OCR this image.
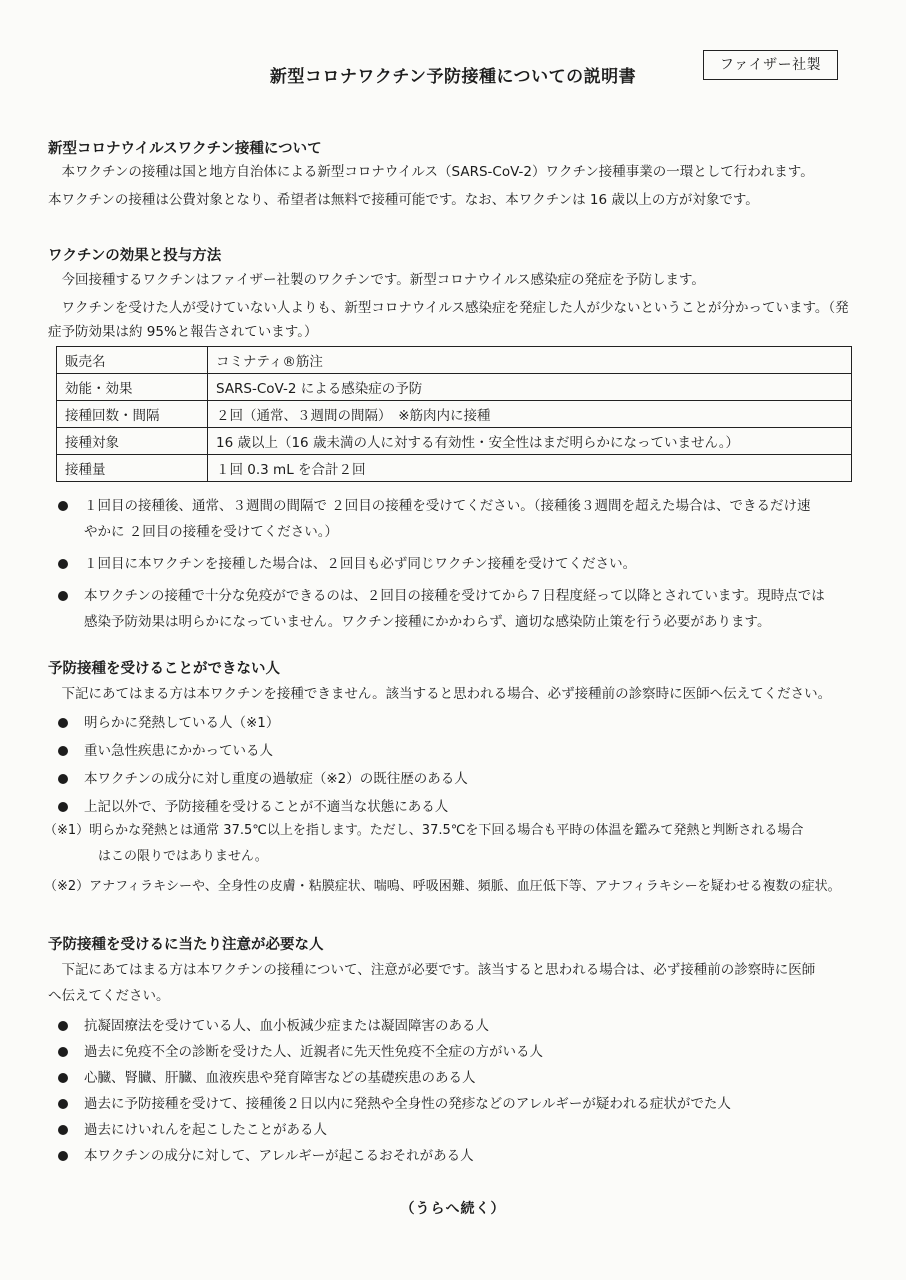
ファイザー社製
新型コロナワクチン予防接種についての説明書
新型コロナウイルスワクチン接種について
本ワクチンの接種は国と地方自治体による新型コロナウイルス（SARS-CoV-2）ワクチン接種事業の一環として行われます。
本ワクチンの接種は公費対象となり、希望者は無料で接種可能です。なお、本ワクチンは 16 歳以上の方が対象です。
ワクチンの効果と投与方法
今回接種するワクチンはファイザー社製のワクチンです。新型コロナウイルス感染症の発症を予防します。
ワクチンを受けた人が受けていない人よりも、新型コロナウイルス感染症を発症した人が少ないということが分かっています。（発
症予防効果は約 95%と報告されています。）
販売名	コミナティ®筋注
効能・効果	SARS-CoV-2 による感染症の予防
接種回数・間隔	２回（通常、３週間の間隔）　※筋肉内に接種
接種対象	16 歳以上（16 歳未満の人に対する有効性・安全性はまだ明らかになっていません。）
接種量	１回 0.3 mL を合計２回
１回目の接種後、通常、３週間の間隔で ２回目の接種を受けてください。（接種後３週間を超えた場合は、できるだけ速
やかに ２回目の接種を受けてください。）
１回目に本ワクチンを接種した場合は、２回目も必ず同じワクチン接種を受けてください。
本ワクチンの接種で十分な免疫ができるのは、２回目の接種を受けてから７日程度経って以降とされています。現時点では
感染予防効果は明らかになっていません。ワクチン接種にかかわらず、適切な感染防止策を行う必要があります。
予防接種を受けることができない人
下記にあてはまる方は本ワクチンを接種できません。該当すると思われる場合、必ず接種前の診察時に医師へ伝えてください。
明らかに発熱している人（※1）
重い急性疾患にかかっている人
本ワクチンの成分に対し重度の過敏症（※2）の既往歴のある人
上記以外で、予防接種を受けることが不適当な状態にある人
（※1）明らかな発熱とは通常 37.5℃以上を指します。ただし、37.5℃を下回る場合も平時の体温を鑑みて発熱と判断される場合
はこの限りではありません。
（※2）アナフィラキシーや、全身性の皮膚・粘膜症状、喘鳴、呼吸困難、頻脈、血圧低下等、アナフィラキシーを疑わせる複数の症状。
予防接種を受けるに当たり注意が必要な人
下記にあてはまる方は本ワクチンの接種について、注意が必要です。該当すると思われる場合は、必ず接種前の診察時に医師
へ伝えてください。
抗凝固療法を受けている人、血小板減少症または凝固障害のある人
過去に免疫不全の診断を受けた人、近親者に先天性免疫不全症の方がいる人
心臓、腎臓、肝臓、血液疾患や発育障害などの基礎疾患のある人
過去に予防接種を受けて、接種後２日以内に発熱や全身性の発疹などのアレルギーが疑われる症状がでた人
過去にけいれんを起こしたことがある人
本ワクチンの成分に対して、アレルギーが起こるおそれがある人
（うらへ続く）
